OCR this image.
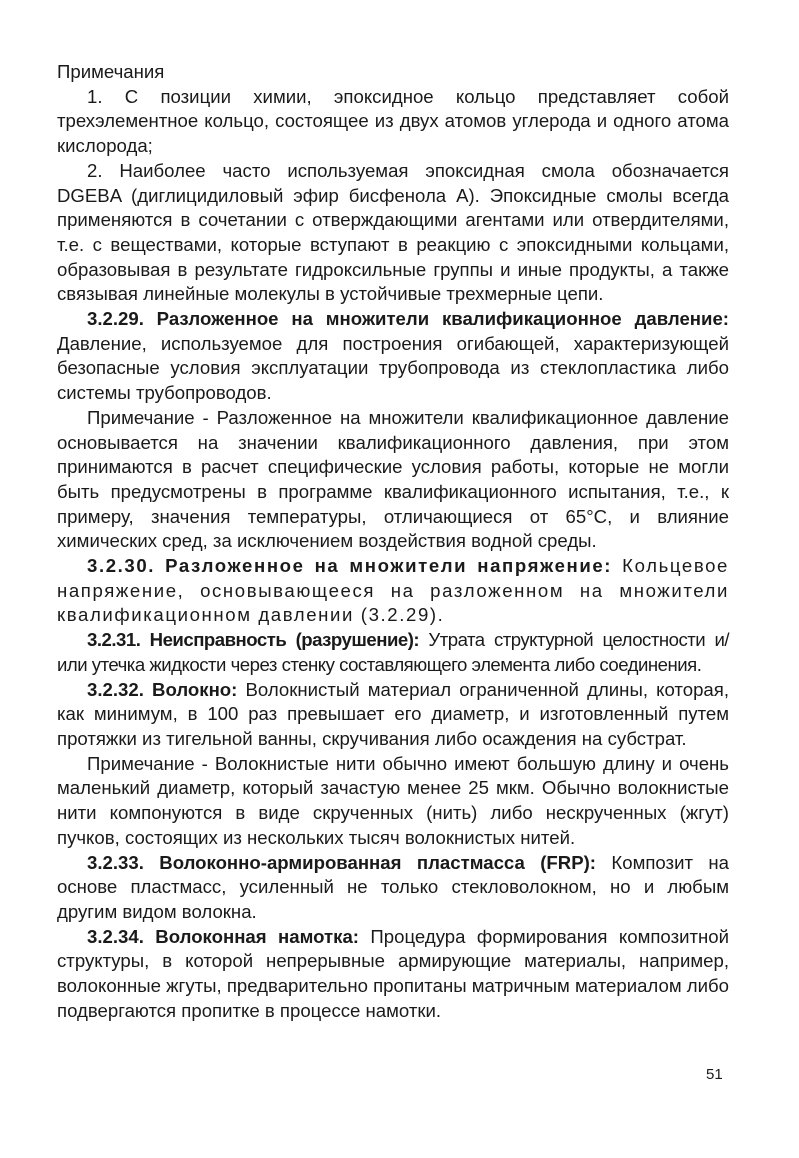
Примечания

1. С позиции химии, эпоксидное кольцо представляет собой трехэлементное кольцо, состоящее из двух атомов углерода и одного атома кислорода;

2. Наиболее часто используемая эпоксидная смола обозначается DGEBA (диглицидиловый эфир бисфенола А). Эпоксидные смолы всегда применяются в сочетании с отверждающими агентами или отвердителями, т.е. с веществами, которые вступают в реакцию с эпоксидными кольцами, образовывая в результате гидроксильные группы и иные продукты, а также связывая линейные молекулы в устойчивые трехмерные цепи.

3.2.29. Разложенное на множители квалификационное давление: Давление, используемое для построения огибающей, характеризующей безопасные условия эксплуатации трубопровода из стеклопластика либо системы трубопроводов.

Примечание - Разложенное на множители квалификационное давление основывается на значении квалификационного давления, при этом принимаются в расчет специфические условия работы, которые не могли быть предусмотрены в программе квалификационного испытания, т.е., к примеру, значения температуры, отличающиеся от 65°С, и влияние химических сред, за исключением воздействия водной среды.

3.2.30. Разложенное на множители напряжение: Кольцевое напряжение, основывающееся на разложенном на множители квалификационном давлении (3.2.29).

3.2.31. Неисправность (разрушение): Утрата структурной целостности и/или утечка жидкости через стенку составляющего элемента либо соединения.

3.2.32. Волокно: Волокнистый материал ограниченной длины, которая, как минимум, в 100 раз превышает его диаметр, и изготовленный путем протяжки из тигельной ванны, скручивания либо осаждения на субстрат.

Примечание - Волокнистые нити обычно имеют большую длину и очень маленький диаметр, который зачастую менее 25 мкм. Обычно волокнистые нити компонуются в виде скрученных (нить) либо нескрученных (жгут) пучков, состоящих из нескольких тысяч волокнистых нитей.

3.2.33. Волоконно-армированная пластмасса (FRP): Композит на основе пластмасс, усиленный не только стекловолокном, но и любым другим видом волокна.

3.2.34. Волоконная намотка: Процедура формирования композитной структуры, в которой непрерывные армирующие материалы, например, волоконные жгуты, предварительно пропитаны матричным материалом либо подвергаются пропитке в процессе намотки.

51
